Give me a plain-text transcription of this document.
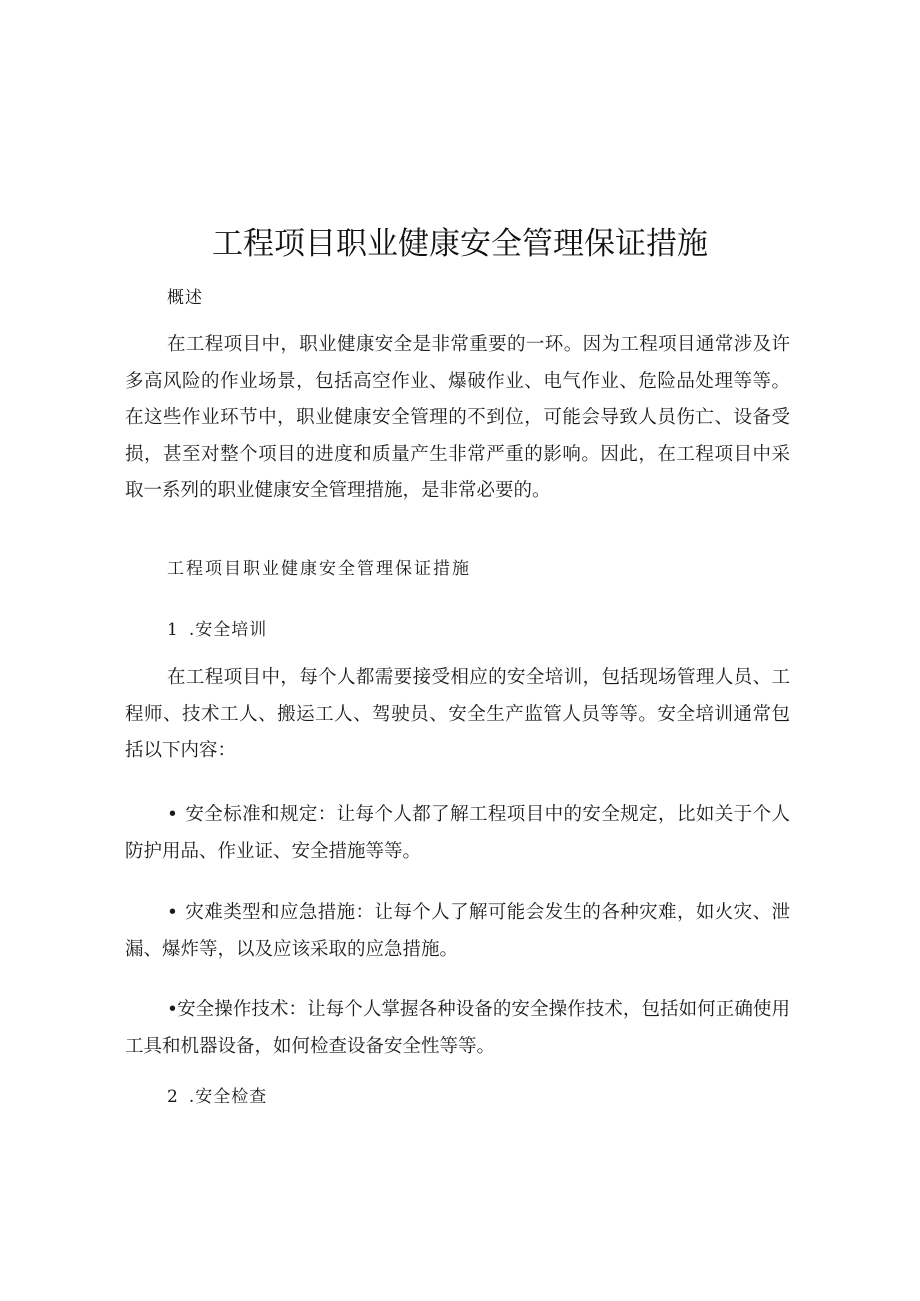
工程项目职业健康安全管理保证措施

概述

在工程项目中，职业健康安全是非常重要的一环。因为工程项目通常涉及许多高风险的作业场景，包括高空作业、爆破作业、电气作业、危险品处理等等。在这些作业环节中，职业健康安全管理的不到位，可能会导致人员伤亡、设备受损，甚至对整个项目的进度和质量产生非常严重的影响。因此，在工程项目中采取一系列的职业健康安全管理措施，是非常必要的。

工程项目职业健康安全管理保证措施

1 .安全培训

在工程项目中，每个人都需要接受相应的安全培训，包括现场管理人员、工程师、技术工人、搬运工人、驾驶员、安全生产监管人员等等。安全培训通常包括以下内容：

• 安全标准和规定：让每个人都了解工程项目中的安全规定，比如关于个人防护用品、作业证、安全措施等等。

• 灾难类型和应急措施：让每个人了解可能会发生的各种灾难，如火灾、泄漏、爆炸等，以及应该采取的应急措施。

•安全操作技术：让每个人掌握各种设备的安全操作技术，包括如何正确使用工具和机器设备，如何检查设备安全性等等。

2 .安全检查
